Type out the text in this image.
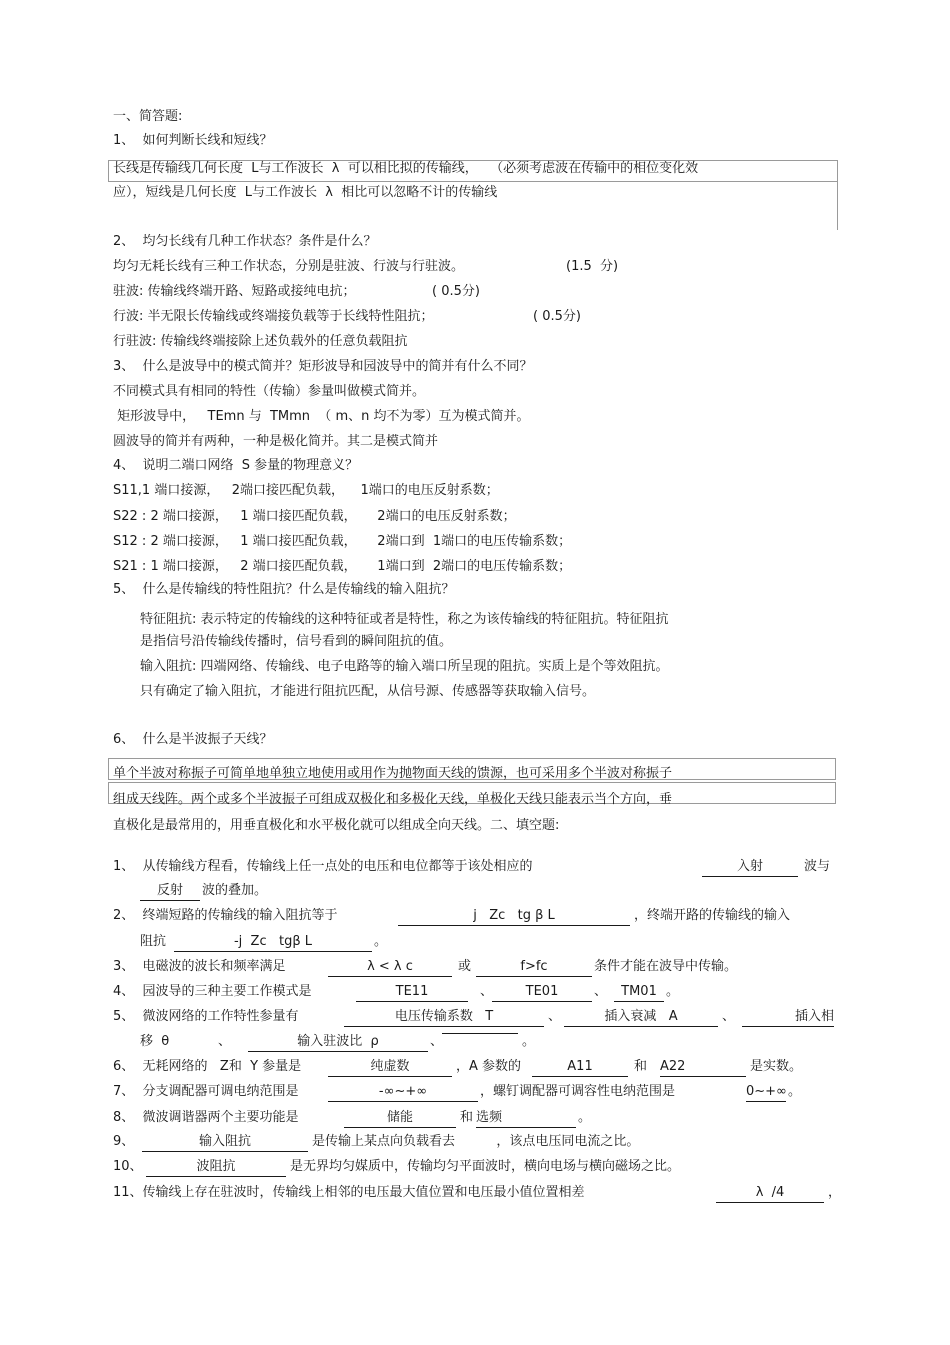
一、简答题:
1、  如何判断长线和短线？
长线是传输线几何长度  L与工作波长  λ  可以相比拟的传输线，   （必须考虑波在传输中的相位变化效
应），短线是几何长度  L与工作波长  λ  相比可以忽略不计的传输线
2、  均匀长线有几种工作状态？条件是什么？
均匀无耗长线有三种工作状态，分别是驻波、行波与行驻波。	(1.5  分)
驻波: 传输线终端开路、短路或接纯电抗；	( 0.5分)
行波: 半无限长传输线或终端接负载等于长线特性阻抗；	( 0.5分)
行驻波: 传输线终端接除上述负载外的任意负载阻抗
3、  什么是波导中的模式简并？矩形波导和园波导中的简并有什么不同？
不同模式具有相同的特性（传输）参量叫做模式简并。
矩形波导中，   TEmn 与  TMmn  （ m、n 均不为零）互为模式简并。
圆波导的简并有两种，一种是极化简并。其二是模式简并
4、  说明二端口网络  S 参量的物理意义？
S11,1 端口接源，   2端口接匹配负载，    1端口的电压反射系数；
S22 : 2 端口接源，   1 端口接匹配负载，     2端口的电压反射系数；
S12 : 2 端口接源，   1 端口接匹配负载，     2端口到  1端口的电压传输系数；
S21 : 1 端口接源，   2 端口接匹配负载，     1端口到  2端口的电压传输系数；
5、  什么是传输线的特性阻抗？什么是传输线的输入阻抗？
特征阻抗: 表示特定的传输线的这种特征或者是特性，称之为该传输线的特征阻抗。特征阻抗
是指信号沿传输线传播时，信号看到的瞬间阻抗的值。
输入阻抗: 四端网络、传输线、电子电路等的输入端口所呈现的阻抗。实质上是个等效阻抗。
只有确定了输入阻抗，才能进行阻抗匹配，从信号源、传感器等获取输入信号。
6、  什么是半波振子天线？
单个半波对称振子可简单地单独立地使用或用作为抛物面天线的馈源，也可采用多个半波对称振子
组成天线阵。两个或多个半波振子可组成双极化和多极化天线，单极化天线只能表示当个方向，垂
直极化是最常用的，用垂直极化和水平极化就可以组成全向天线。二、填空题:
1、  从传输线方程看，传输线上任一点处的电压和电位都等于该处相应的	入射	波与
反射	波的叠加。
2、  终端短路的传输线的输入阻抗等于	j   Zc   tg β L	，终端开路的传输线的输入
阻抗	-j  Zc   tgβ L	。
3、  电磁波的波长和频率满足	λ < λ c	或	f>fc	条件才能在波导中传输。
4、  园波导的三种主要工作模式是	TE11	、	TE01	、	TM01 。
5、  微波网络的工作特性参量有	电压传输系数   T	、	插入衰减   A	、	插入相
移  θ	、	输入驻波比  ρ	、	。
6、  无耗网络的   Z和  Y 参量是	纯虚数	，A 参数的	A11	和 A22	是实数。
7、  分支调配器可调电纳范围是	-∞~+∞	，螺钉调配器可调容性电纳范围是	0~+∞ 。
8、  微波调谐器两个主要功能是	储能	和 选频	。
9、	输入阻抗	是传输上某点向负载看去          ，该点电压同电流之比。
10、	波阻抗	是无界均匀媒质中，传输均匀平面波时，横向电场与横向磁场之比。
11、传输线上存在驻波时，传输线上相邻的电压最大值位置和电压最小值位置相差	λ  /4	，
